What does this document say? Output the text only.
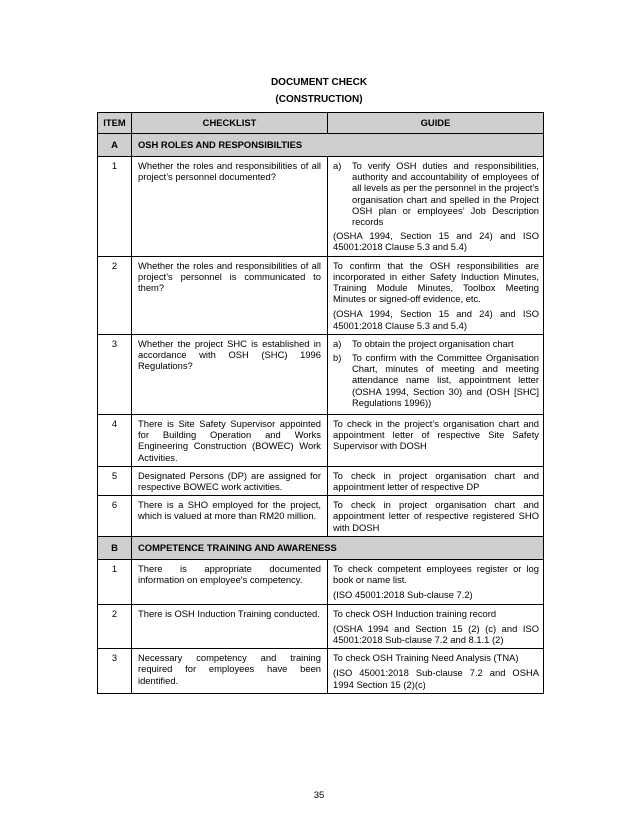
DOCUMENT CHECK
(CONSTRUCTION)
ITEM	CHECKLIST	GUIDE
A	OSH ROLES AND RESPONSIBILTIES	
1	Whether the roles and responsibilities of all project’s personnel documented?	a) To verify OSH duties and responsibilities, authority and accountability of employees of all levels as per the personnel in the project’s organisation chart and spelled in the Project OSH plan or employees’ Job Description records
(OSHA 1994, Section 15 and 24) and ISO 45001:2018 Clause 5.3 and 5.4)

2	Whether the roles and responsibilities of all project’s personnel is communicated to them?	To confirm that the OSH responsibilities are incorporated in either Safety Induction Minutes, Training Module Minutes, Toolbox Meeting Minutes or signed-off evidence, etc.
(OSHA 1994, Section 15 and 24) and ISO 45001:2018 Clause 5.3 and 5.4)

3	Whether the project SHC is established in accordance with OSH (SHC) 1996 Regulations?	a) To obtain the project organisation chart
b) To confirm with the Committee Organisation Chart, minutes of meeting and meeting attendance name list, appointment letter (OSHA 1994, Section 30) and (OSH [SHC] Regulations 1996))

4	There is Site Safety Supervisor appointed for Building Operation and Works Engineering Construction (BOWEC) Work Activities.	To check in the project’s organisation chart and appointment letter of respective Site Safety Supervisor with DOSH

5	Designated Persons (DP) are assigned for respective BOWEC work activities.	To check in project organisation chart and appointment letter of respective DP

6	There is a SHO employed for the project, which is valued at more than RM20 million.	To check in project organisation chart and appointment letter of respective registered SHO with DOSH

B	COMPETENCE TRAINING AND AWARENESS	
1	There is appropriate documented information on employee’s competency.	To check competent employees register or log book or name list.
(ISO 45001:2018 Sub-clause 7.2)

2	There is OSH Induction Training conducted.	To check OSH Induction training record
(OSHA 1994 and Section 15 (2) (c) and ISO 45001:2018 Sub-clause 7.2 and 8.1.1 (2)

3	Necessary competency and training required for employees have been identified.	To check OSH Training Need Analysis (TNA)
(ISO 45001:2018 Sub-clause 7.2 and OSHA 1994 Section 15 (2)(c)
35
